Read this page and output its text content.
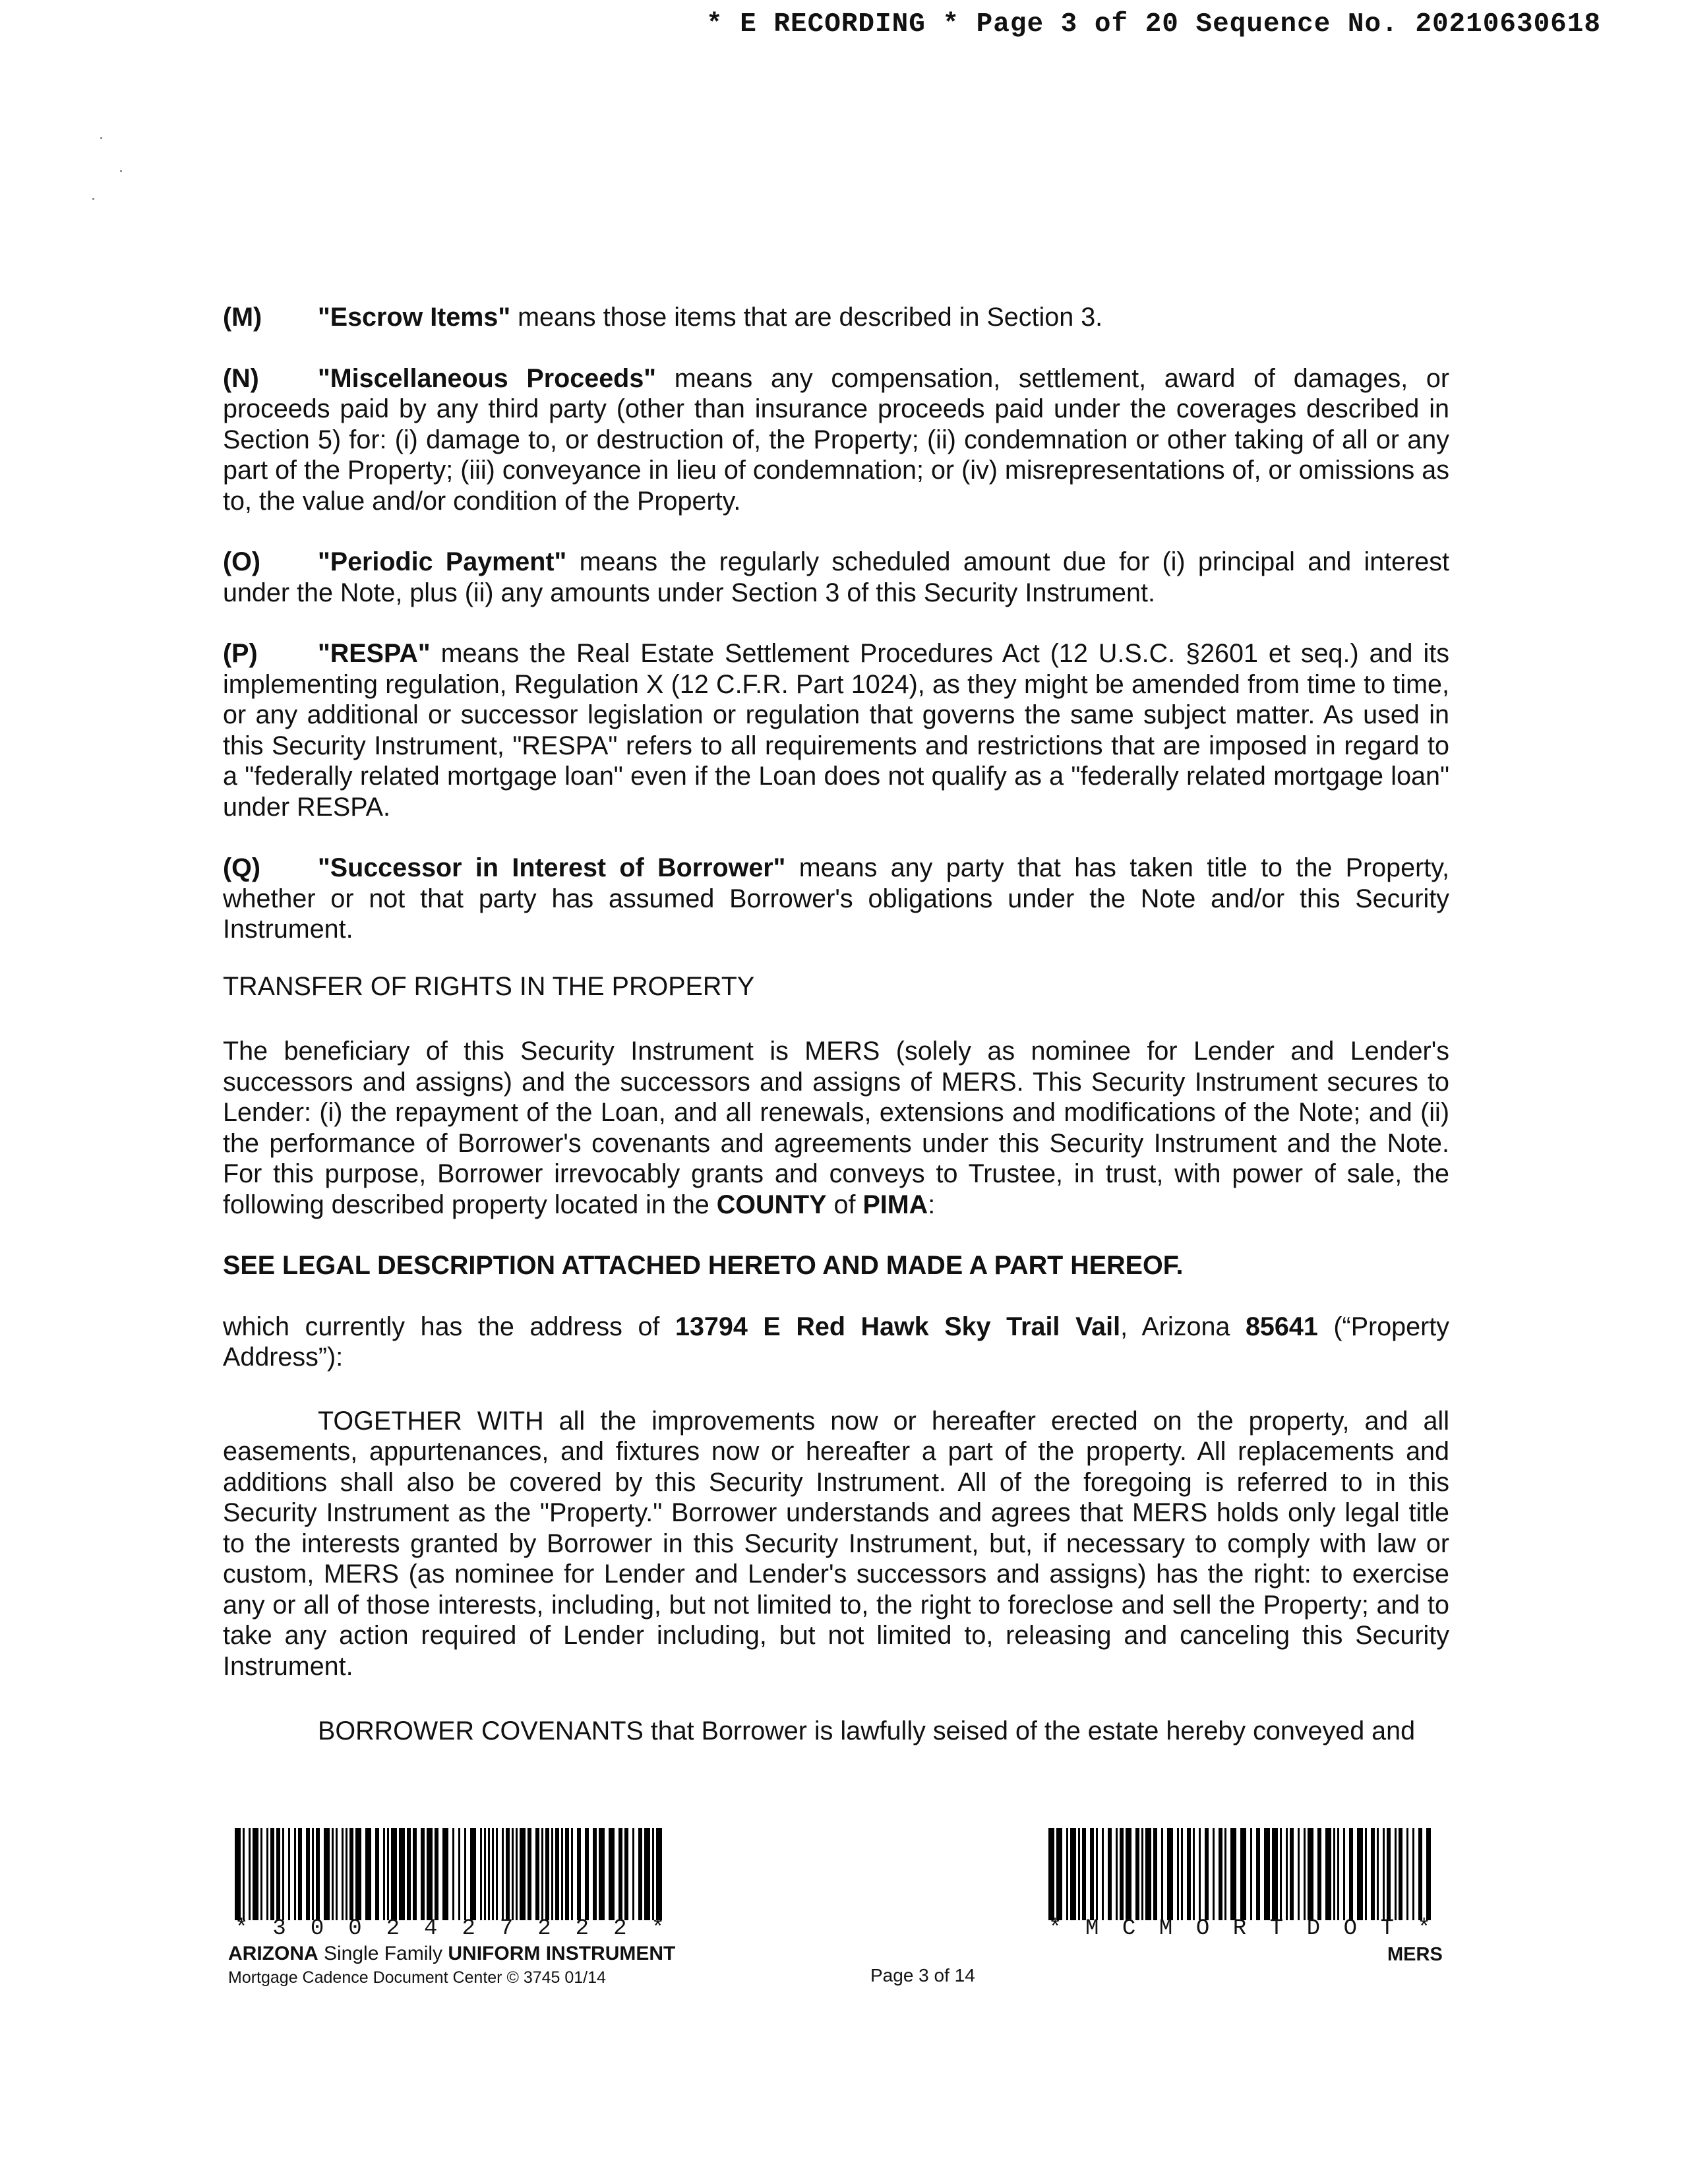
* E RECORDING * Page 3 of 20 Sequence No. 20210630618

(M) "Escrow Items" means those items that are described in Section 3.

(N) "Miscellaneous Proceeds" means any compensation, settlement, award of damages, or proceeds paid by any third party (other than insurance proceeds paid under the coverages described in Section 5) for: (i) damage to, or destruction of, the Property; (ii) condemnation or other taking of all or any part of the Property; (iii) conveyance in lieu of condemnation; or (iv) misrepresentations of, or omissions as to, the value and/or condition of the Property.

(O) "Periodic Payment" means the regularly scheduled amount due for (i) principal and interest under the Note, plus (ii) any amounts under Section 3 of this Security Instrument.

(P) "RESPA" means the Real Estate Settlement Procedures Act (12 U.S.C. §2601 et seq.) and its implementing regulation, Regulation X (12 C.F.R. Part 1024), as they might be amended from time to time, or any additional or successor legislation or regulation that governs the same subject matter. As used in this Security Instrument, "RESPA" refers to all requirements and restrictions that are imposed in regard to a "federally related mortgage loan" even if the Loan does not qualify as a "federally related mortgage loan" under RESPA.

(Q) "Successor in Interest of Borrower" means any party that has taken title to the Property, whether or not that party has assumed Borrower's obligations under the Note and/or this Security Instrument.

TRANSFER OF RIGHTS IN THE PROPERTY

The beneficiary of this Security Instrument is MERS (solely as nominee for Lender and Lender's successors and assigns) and the successors and assigns of MERS. This Security Instrument secures to Lender: (i) the repayment of the Loan, and all renewals, extensions and modifications of the Note; and (ii) the performance of Borrower's covenants and agreements under this Security Instrument and the Note. For this purpose, Borrower irrevocably grants and conveys to Trustee, in trust, with power of sale, the following described property located in the COUNTY of PIMA:

SEE LEGAL DESCRIPTION ATTACHED HERETO AND MADE A PART HEREOF.

which currently has the address of 13794 E Red Hawk Sky Trail Vail, Arizona 85641 (“Property Address”):

TOGETHER WITH all the improvements now or hereafter erected on the property, and all easements, appurtenances, and fixtures now or hereafter a part of the property. All replacements and additions shall also be covered by this Security Instrument. All of the foregoing is referred to in this Security Instrument as the "Property." Borrower understands and agrees that MERS holds only legal title to the interests granted by Borrower in this Security Instrument, but, if necessary to comply with law or custom, MERS (as nominee for Lender and Lender's successors and assigns) has the right: to exercise any or all of those interests, including, but not limited to, the right to foreclose and sell the Property; and to take any action required of Lender including, but not limited to, releasing and canceling this Security Instrument.

BORROWER COVENANTS that Borrower is lawfully seised of the estate hereby conveyed and

* 3 0 0 2 4 2 7 2 2 2 *	* M C M O R T D O T *
ARIZONA Single Family UNIFORM INSTRUMENT
Mortgage Cadence Document Center © 3745 01/14	Page 3 of 14
MERS
